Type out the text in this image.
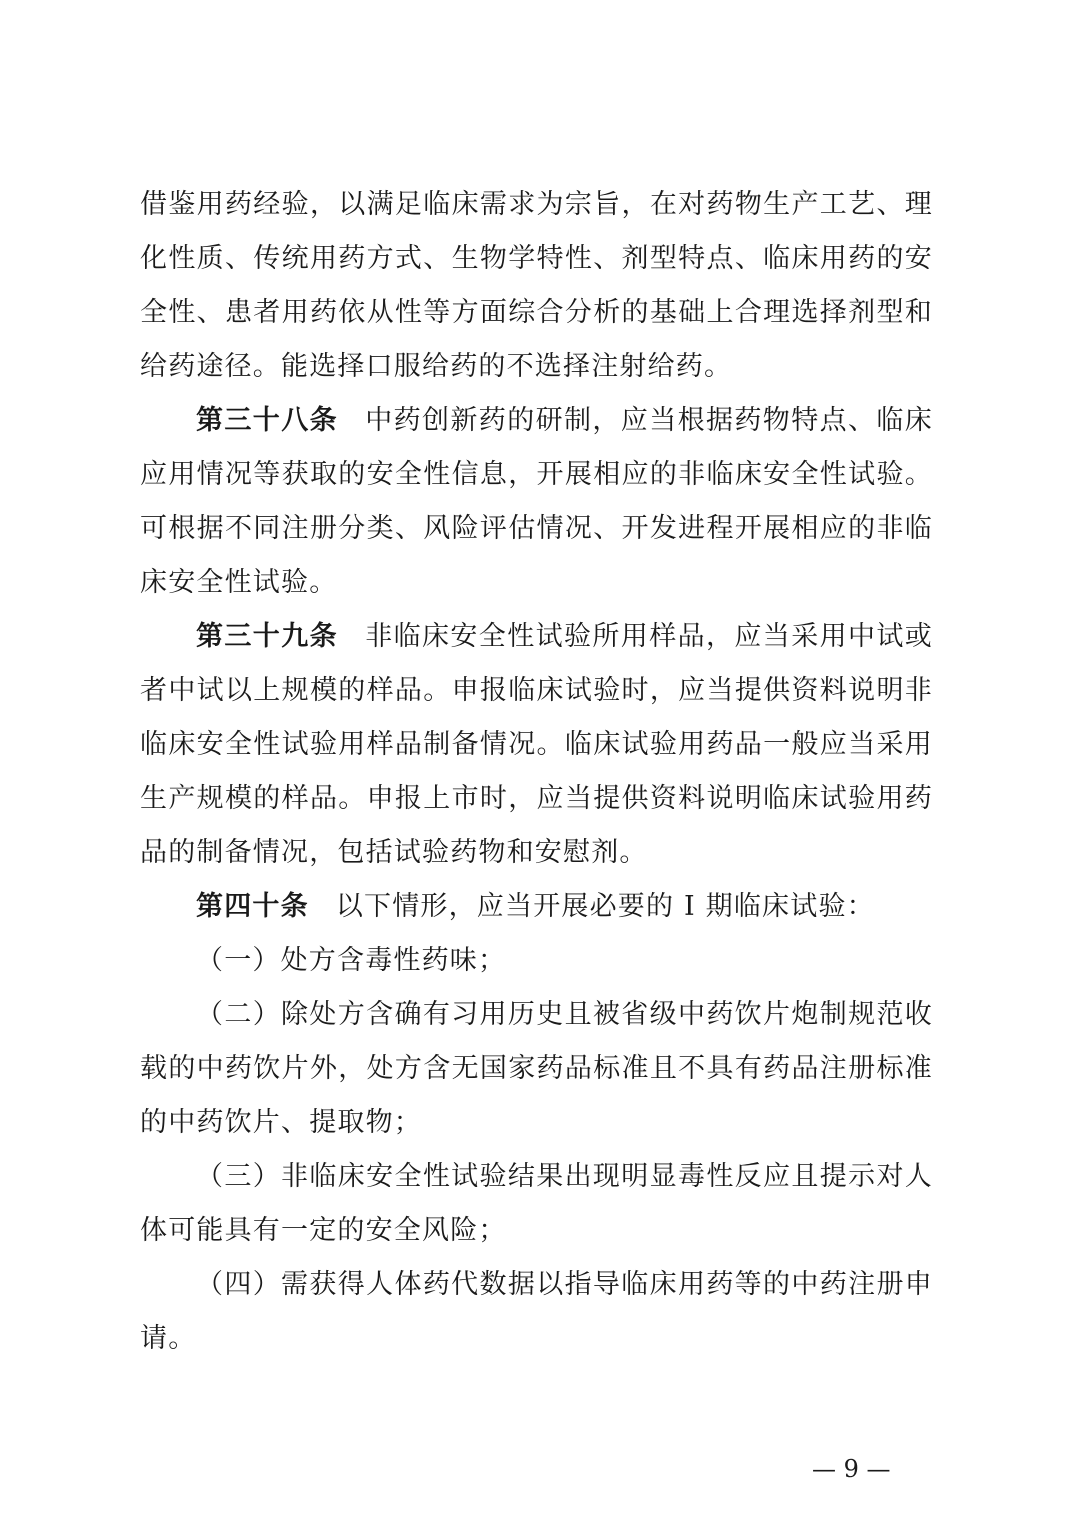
借鉴用药经验，以满足临床需求为宗旨，在对药物生产工艺、理化性质、传统用药方式、生物学特性、剂型特点、临床用药的安全性、患者用药依从性等方面综合分析的基础上合理选择剂型和给药途径。能选择口服给药的不选择注射给药。

第三十八条 中药创新药的研制，应当根据药物特点、临床应用情况等获取的安全性信息，开展相应的非临床安全性试验。可根据不同注册分类、风险评估情况、开发进程开展相应的非临床安全性试验。

第三十九条 非临床安全性试验所用样品，应当采用中试或者中试以上规模的样品。申报临床试验时，应当提供资料说明非临床安全性试验用样品制备情况。临床试验用药品一般应当采用生产规模的样品。申报上市时，应当提供资料说明临床试验用药品的制备情况，包括试验药物和安慰剂。

第四十条 以下情形，应当开展必要的 I 期临床试验：

（一）处方含毒性药味；

（二）除处方含确有习用历史且被省级中药饮片炮制规范收载的中药饮片外，处方含无国家药品标准且不具有药品注册标准的中药饮片、提取物；

（三）非临床安全性试验结果出现明显毒性反应且提示对人体可能具有一定的安全风险；

（四）需获得人体药代数据以指导临床用药等的中药注册申请。

— 9 —
